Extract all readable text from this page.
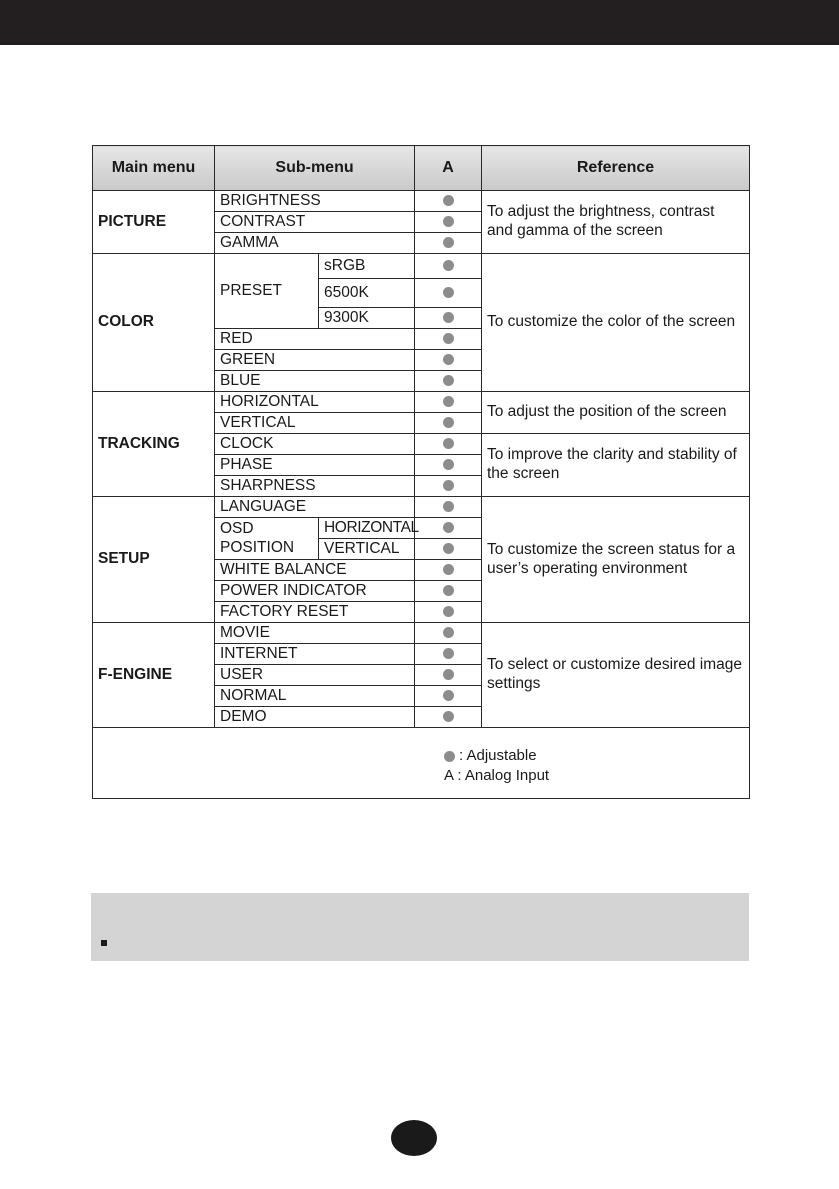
Main menu	Sub-menu		A	Reference
PICTURE	BRIGHTNESS			To adjust the brightness, contrast and gamma of the screen
	CONTRAST			
	GAMMA			
COLOR	PRESET	sRGB		To customize the color of the screen
		6500K		
		9300K		
	RED			
	GREEN			
	BLUE			
TRACKING	HORIZONTAL			To adjust the position of the screen
	VERTICAL			
	CLOCK			To improve the clarity and stability of the screen
	PHASE			
	SHARPNESS			
SETUP	LANGUAGE			To customize the screen status for a user’s operating environment
	OSD POSITION	HORIZONTAL		
		VERTICAL		
	WHITE BALANCE			
	POWER INDICATOR			
	FACTORY RESET			
F-ENGINE	MOVIE			To select or customize desired image settings
	INTERNET			
	USER			
	NORMAL			
	DEMO			

: Adjustable
A : Analog Input				
